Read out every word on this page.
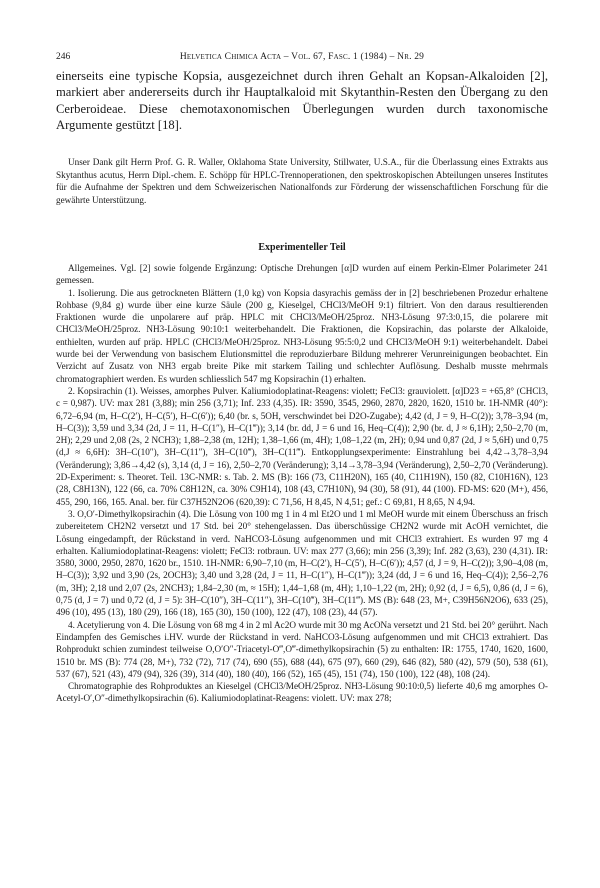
246	Helvetica Chimica Acta – Vol. 67, Fasc. 1 (1984) – Nr. 29

einerseits eine typische Kopsia, ausgezeichnet durch ihren Gehalt an Kopsan-Alkaloiden [2], markiert aber andererseits durch ihr Hauptalkaloid mit Skytanthin-Resten den Übergang zu den Cerberoideae. Diese chemotaxonomischen Überlegungen wurden durch taxonomische Argumente gestützt [18].

Unser Dank gilt Herrn Prof. G. R. Waller, Oklahoma State University, Stillwater, U.S.A., für die Überlassung eines Extrakts aus Skytanthus acutus, Herrn Dipl.-chem. E. Schöpp für HPLC-Trennoperationen, den spektroskopischen Abteilungen unseres Institutes für die Aufnahme der Spektren und dem Schweizerischen Nationalfonds zur Förderung der wissenschaftlichen Forschung für die gewährte Unterstützung.

Experimenteller Teil

Allgemeines. Vgl. [2] sowie folgende Ergänzung: Optische Drehungen [α]D wurden auf einem Perkin-Elmer Polarimeter 241 gemessen.

1. Isolierung. Die aus getrockneten Blättern (1,0 kg) von Kopsia dasyrachis gemäss der in [2] beschriebenen Prozedur erhaltene Rohbase (9,84 g) wurde über eine kurze Säule (200 g, Kieselgel, CHCl3/MeOH 9:1) filtriert. Von den daraus resultierenden Fraktionen wurde die unpolarere auf präp. HPLC mit CHCl3/MeOH/25proz. NH3-Lösung 97:3:0,15, die polarere mit CHCl3/MeOH/25proz. NH3-Lösung 90:10:1 weiterbehandelt. Die Fraktionen, die Kopsirachin, das polarste der Alkaloide, enthielten, wurden auf präp. HPLC (CHCl3/MeOH/25proz. NH3-Lösung 95:5:0,2 und CHCl3/MeOH 9:1) weiterbehandelt. Dabei wurde bei der Verwendung von basischem Elutionsmittel die reproduzierbare Bildung mehrerer Verunreinigungen beobachtet. Ein Verzicht auf Zusatz von NH3 ergab breite Pike mit starkem Tailing und schlechter Auflösung. Deshalb musste mehrmals chromatographiert werden. Es wurden schliesslich 547 mg Kopsirachin (1) erhalten.

2. Kopsirachin (1). Weisses, amorphes Pulver. Kaliumiodoplatinat-Reagens: violett; FeCl3: grauviolett. [α]D23 = +65,8° (CHCl3, c = 0,987). UV: max 281 (3,88); min 256 (3,71); Inf. 233 (4,35). IR: 3590, 3545, 2960, 2870, 2820, 1620, 1510 br. 1H-NMR (40°): 6,72–6,94 (m, H–C(2′), H–C(5′), H–C(6′)); 6,40 (br. s, 5OH, verschwindet bei D2O-Zugabe); 4,42 (d, J = 9, H–C(2)); 3,78–3,94 (m, H–C(3)); 3,59 und 3,34 (2d, J = 11, H–C(1″), H–C(1‴)); 3,14 (br. dd, J = 6 und 16, Heq–C(4)); 2,90 (br. d, J ≈ 6,1H); 2,50–2,70 (m, 2H); 2,29 und 2,08 (2s, 2 NCH3); 1,88–2,38 (m, 12H); 1,38–1,66 (m, 4H); 1,08–1,22 (m, 2H); 0,94 und 0,87 (2d, J ≈ 5,6H) und 0,75 (d,J ≈ 6,6H): 3H–C(10″), 3H–C(11″), 3H–C(10‴), 3H–C(11‴). Entkopplungsexperimente: Einstrahlung bei 4,42→3,78–3,94 (Veränderung); 3,86→4,42 (s), 3,14 (d, J = 16), 2,50–2,70 (Veränderung); 3,14→3,78–3,94 (Veränderung), 2,50–2,70 (Veränderung). 2D-Experiment: s. Theoret. Teil. 13C-NMR: s. Tab. 2. MS (B): 166 (73, C11H20N), 165 (40, C11H19N), 150 (82, C10H16N), 123 (28, C8H13N), 122 (66, ca. 70% C8H12N, ca. 30% C9H14), 108 (43, C7H10N), 94 (30), 58 (91), 44 (100). FD-MS: 620 (M+), 456, 455, 290, 166, 165. Anal. ber. für C37H52N2O6 (620,39): C 71,56, H 8,45, N 4,51; gef.: C 69,81, H 8,65, N 4,94.

3. O,O′-Dimethylkopsirachin (4). Die Lösung von 100 mg 1 in 4 ml Et2O und 1 ml MeOH wurde mit einem Überschuss an frisch zubereitetem CH2N2 versetzt und 17 Std. bei 20° stehengelassen. Das überschüssige CH2N2 wurde mit AcOH vernichtet, die Lösung eingedampft, der Rückstand in verd. NaHCO3-Lösung aufgenommen und mit CHCl3 extrahiert. Es wurden 97 mg 4 erhalten. Kaliumiodoplatinat-Reagens: violett; FeCl3: rotbraun. UV: max 277 (3,66); min 256 (3,39); Inf. 282 (3,63), 230 (4,31). IR: 3580, 3000, 2950, 2870, 1620 br., 1510. 1H-NMR: 6,90–7,10 (m, H–C(2′), H–C(5′), H–C(6′)); 4,57 (d, J = 9, H–C(2)); 3,90–4,08 (m, H–C(3)); 3,92 und 3,90 (2s, 2OCH3); 3,40 und 3,28 (2d, J = 11, H–C(1″), H–C(1‴)); 3,24 (dd, J = 6 und 16, Heq–C(4)); 2,56–2,76 (m, 3H); 2,18 und 2,07 (2s, 2NCH3); 1,84–2,30 (m, ≈ 15H); 1,44–1,68 (m, 4H); 1,10–1,22 (m, 2H); 0,92 (d, J = 6,5), 0,86 (d, J = 6), 0,75 (d, J = 7) und 0,72 (d, J = 5): 3H–C(10″), 3H–C(11″), 3H–C(10‴), 3H–C(11‴). MS (B): 648 (23, M+, C39H56N2O6), 633 (25), 496 (10), 495 (13), 180 (29), 166 (18), 165 (30), 150 (100), 122 (47), 108 (23), 44 (57).

4. Acetylierung von 4. Die Lösung von 68 mg 4 in 2 ml Ac2O wurde mit 30 mg AcONa versetzt und 21 Std. bei 20° gerührt. Nach Eindampfen des Gemisches i.HV. wurde der Rückstand in verd. NaHCO3-Lösung aufgenommen und mit CHCl3 extrahiert. Das Rohprodukt schien zumindest teilweise O,O′O″-Triacetyl-O‴,O‴-dimethylkopsirachin (5) zu enthalten: IR: 1755, 1740, 1620, 1600, 1510 br. MS (B): 774 (28, M+), 732 (72), 717 (74), 690 (55), 688 (44), 675 (97), 660 (29), 646 (82), 580 (42), 579 (50), 538 (61), 537 (67), 521 (43), 479 (94), 326 (39), 314 (40), 180 (40), 166 (52), 165 (45), 151 (74), 150 (100), 122 (48), 108 (24).

Chromatographie des Rohproduktes an Kieselgel (CHCl3/MeOH/25proz. NH3-Lösung 90:10:0,5) lieferte 40,6 mg amorphes O-Acetyl-O′,O″-dimethylkopsirachin (6). Kaliumiodoplatinat-Reagens: violett. UV: max 278;
